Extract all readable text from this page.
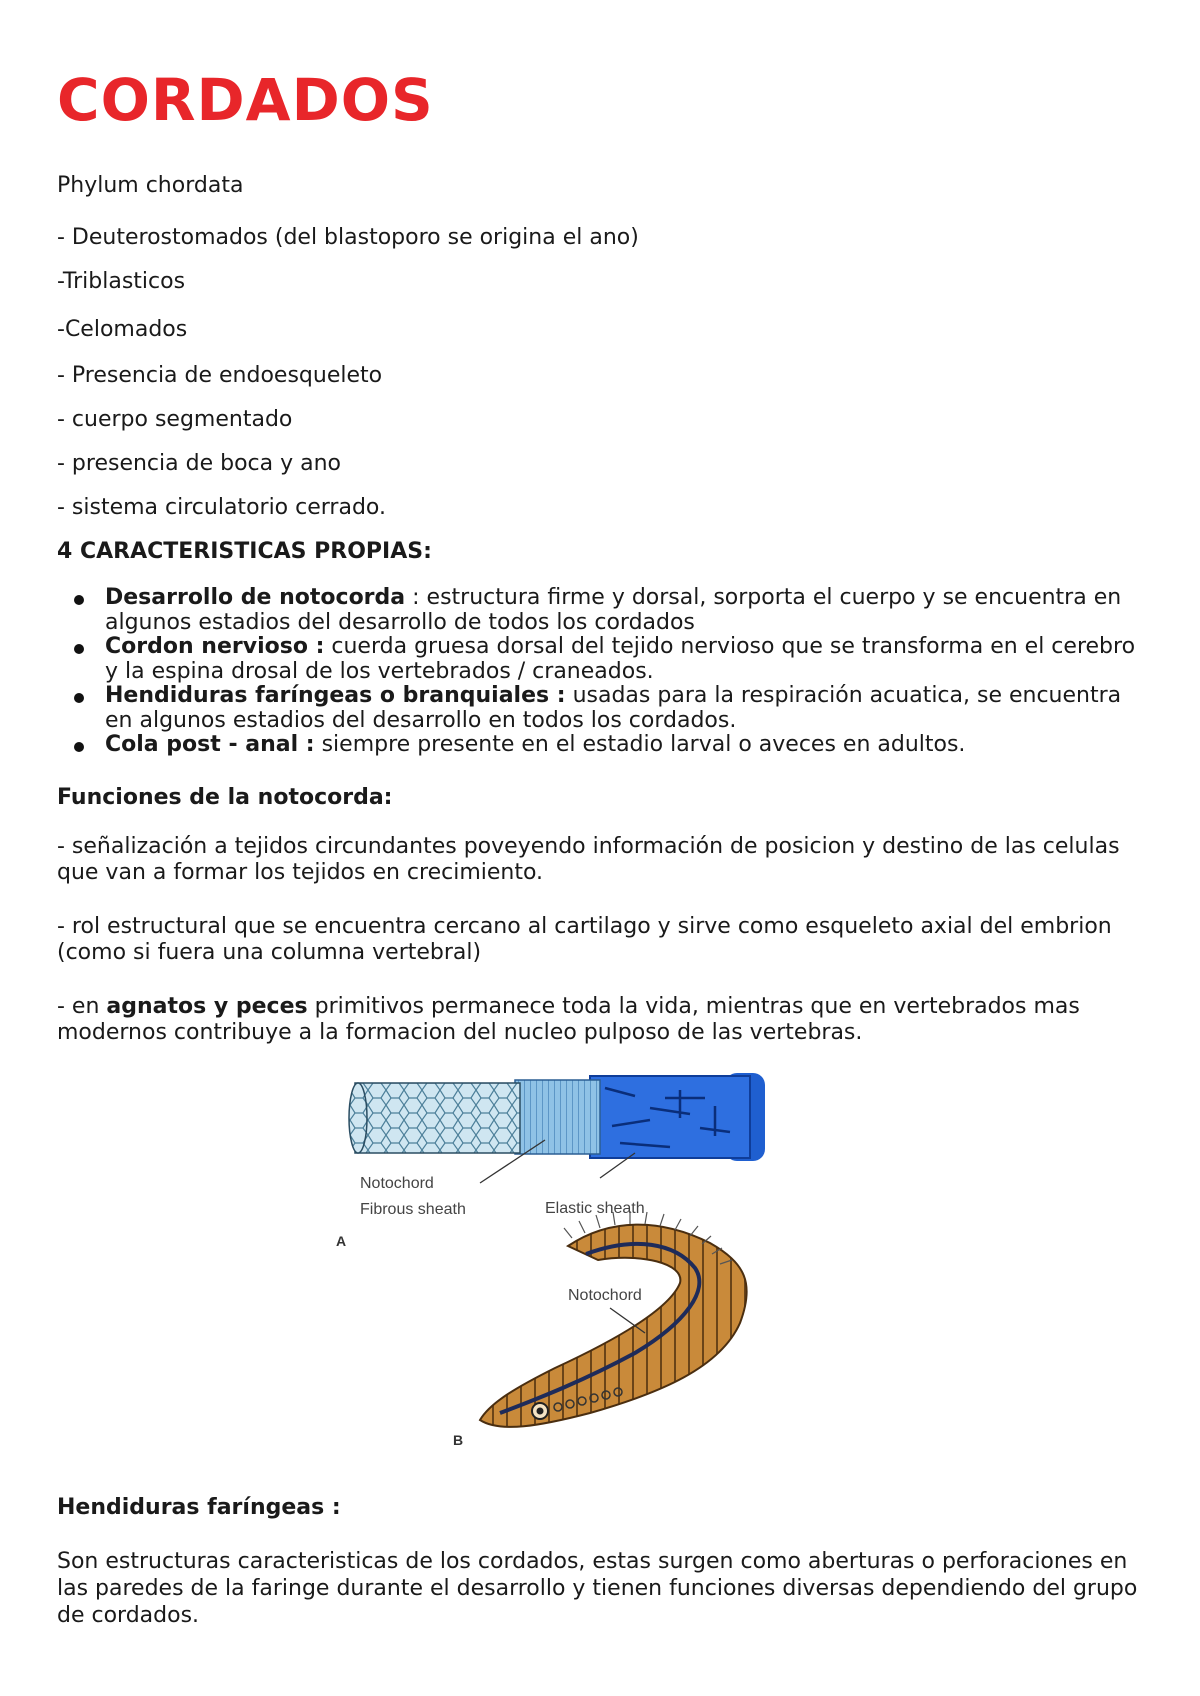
CORDADOS
Phylum chordata
- Deuterostomados (del blastoporo se origina el ano)
-Triblasticos
-Celomados
- Presencia de endoesqueleto
- cuerpo segmentado
- presencia de boca y ano
- sistema circulatorio cerrado.
4 CARACTERISTICAS PROPIAS:
Desarrollo de notocorda : estructura firme y dorsal, sorporta el cuerpo y se encuentra en algunos estadios del desarrollo de todos los cordados
Cordon nervioso : cuerda gruesa dorsal del tejido nervioso que se transforma en el cerebro y la espina drosal de los vertebrados / craneados.
Hendiduras faríngeas o branquiales : usadas para la respiración acuatica, se encuentra en algunos estadios del desarrollo en todos los cordados.
Cola post - anal : siempre presente en el estadio larval o aveces en adultos.
Funciones de la notocorda:

- señalización a tejidos circundantes poveyendo información de posicion y destino de las celulas que van a formar los tejidos en crecimiento.

- rol estructural que se encuentra cercano al cartilago y sirve como esqueleto axial del embrion (como si fuera una columna vertebral)

- en agnatos y peces primitivos permanece toda la vida, mientras que en vertebrados mas modernos contribuye a la formacion del nucleo pulposo de las vertebras.

Notochord
Fibrous sheath	Elastic sheath
A
Notochord
B
Hendiduras faríngeas :

Son estructuras caracteristicas de los cordados, estas surgen como aberturas o perforaciones en las paredes de la faringe durante el desarrollo y tienen funciones diversas dependiendo del grupo de cordados.
